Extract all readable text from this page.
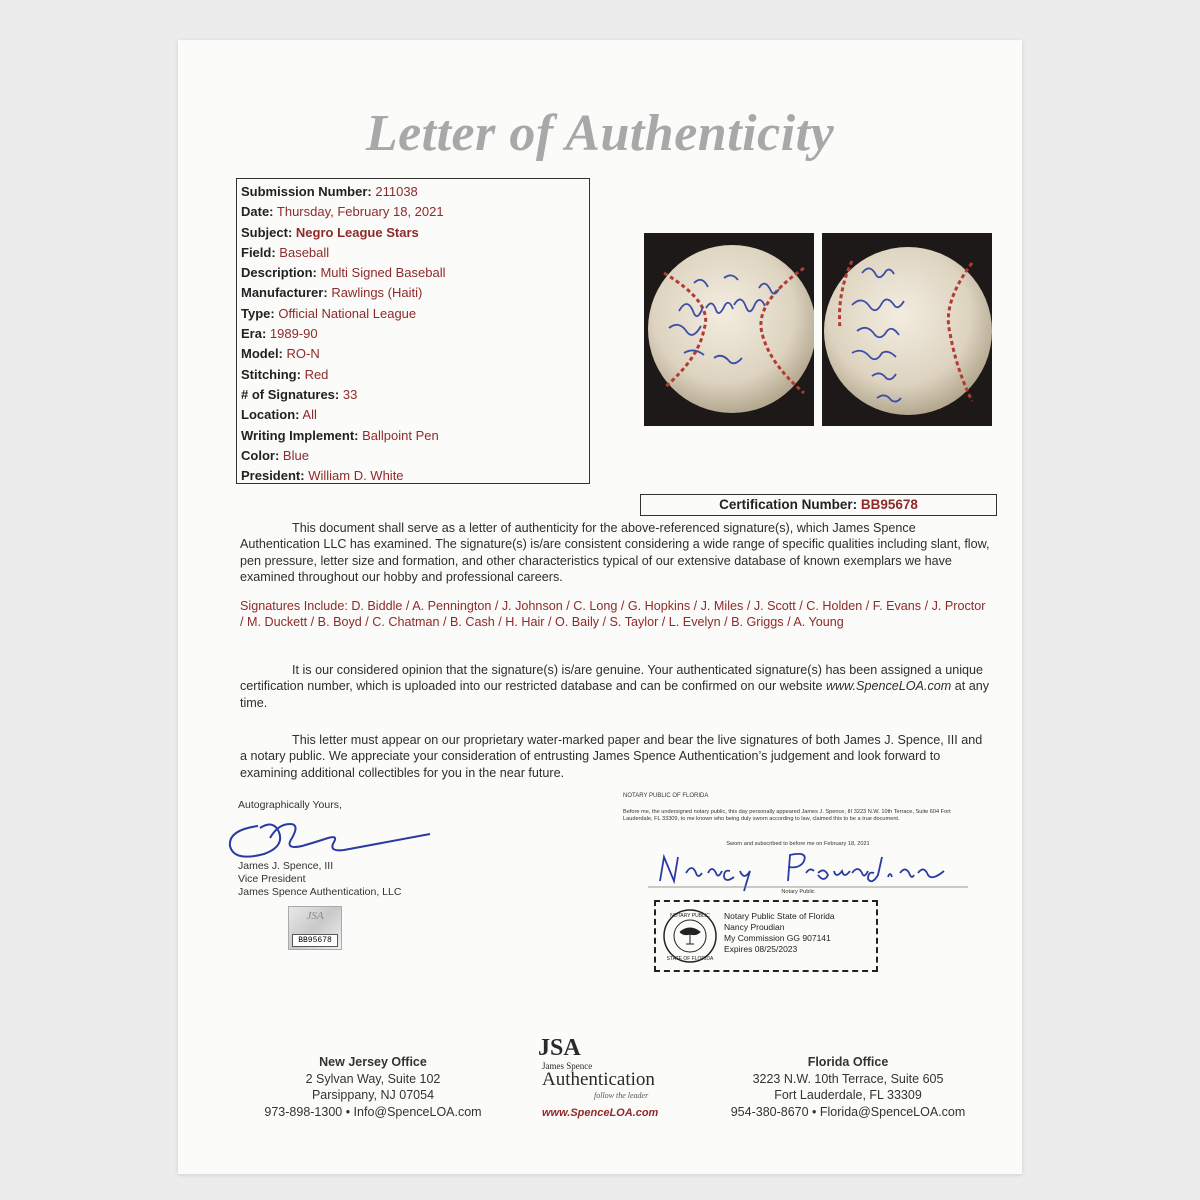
Letter of Authenticity
Submission Number: 211038
Date: Thursday, February 18, 2021
Subject: Negro League Stars
Field: Baseball
Description: Multi Signed Baseball
Manufacturer: Rawlings (Haiti)
Type: Official National League
Era: 1989-90
Model: RO-N
Stitching: Red
# of Signatures: 33
Location: All
Writing Implement: Ballpoint Pen
Color: Blue
President: William D. White
Certification Number: BB95678
This document shall serve as a letter of authenticity for the above-referenced signature(s), which James Spence Authentication LLC has examined. The signature(s) is/are consistent considering a wide range of specific qualities including slant, flow, pen pressure, letter size and formation, and other characteristics typical of our extensive database of known exemplars we have examined throughout our hobby and professional careers.
Signatures Include: D. Biddle / A. Pennington / J. Johnson / C. Long / G. Hopkins / J. Miles / J. Scott / C. Holden / F. Evans / J. Proctor / M. Duckett / B. Boyd / C. Chatman / B. Cash / H. Hair / O. Baily / S. Taylor / L. Evelyn / B. Griggs / A. Young
It is our considered opinion that the signature(s) is/are genuine. Your authenticated signature(s) has been assigned a unique certification number, which is uploaded into our restricted database and can be confirmed on our website www.SpenceLOA.com at any time.
This letter must appear on our proprietary water-marked paper and bear the live signatures of both James J. Spence, III and a notary public. We appreciate your consideration of entrusting James Spence Authentication’s judgement and look forward to examining additional collectibles for you in the near future.
Autographically Yours,
James J. Spence, III
Vice President
James Spence Authentication, LLC
JSA
BB95678
NOTARY PUBLIC OF FLORIDA
Before me, the undersigned notary public, this day personally appeared James J. Spence, III 3223 N.W. 10th Terrace, Suite 604 Fort Lauderdale, FL 33309, to me known who being duly sworn according to law, claimed this to be a true document.
Sworn and subscribed to before me on February 18, 2021
Notary Public
NOTARY PUBLIC
STATE OF FLORIDA
Notary Public State of Florida
Nancy Proudian
My Commission GG 907141
Expires 08/25/2023
New Jersey Office
2 Sylvan Way, Suite 102
Parsippany, NJ 07054
973-898-1300 • Info@SpenceLOA.com
JSA
James Spence
Authentication
follow the leader
www.SpenceLOA.com
Florida Office
3223 N.W. 10th Terrace, Suite 605
Fort Lauderdale, FL 33309
954-380-8670 • Florida@SpenceLOA.com
